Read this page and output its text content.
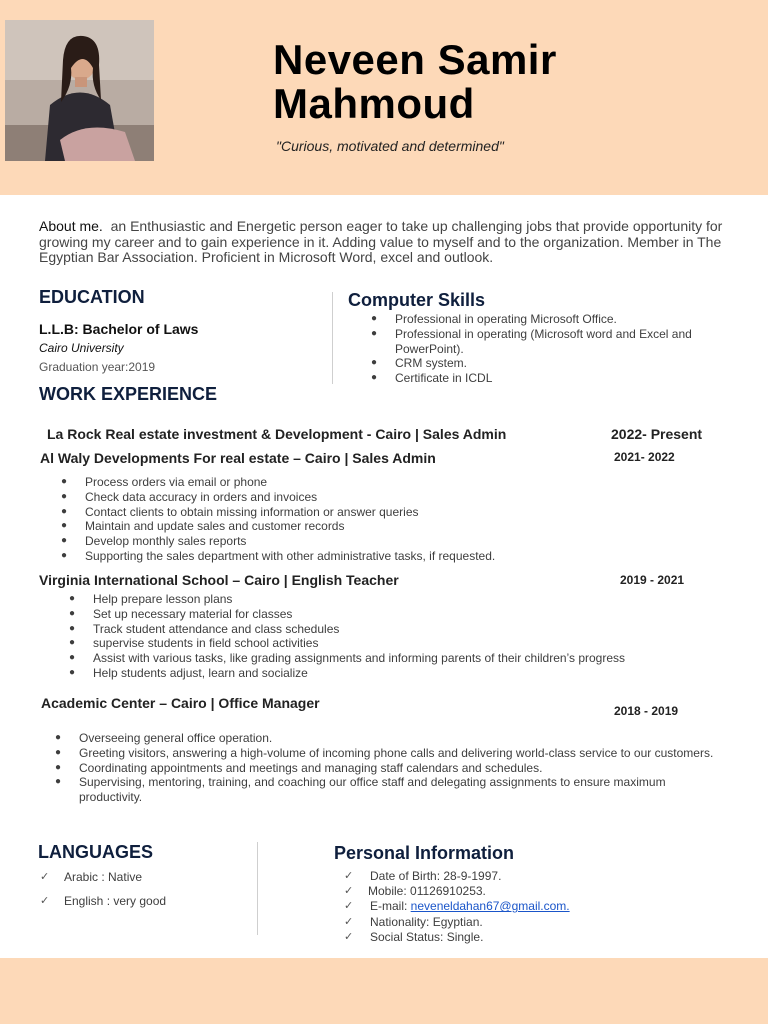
Neveen Samir Mahmoud
"Curious, motivated and determined"
About me. an Enthusiastic and Energetic person eager to take up challenging jobs that provide opportunity for growing my career and to gain experience in it. Adding value to myself and to the organization. Member in The Egyptian Bar Association. Proficient in Microsoft Word, excel and outlook.
EDUCATION
L.L.B: Bachelor of Laws
Cairo University
Graduation year:2019
Computer Skills
● Professional in operating Microsoft Office.
● Professional in operating (Microsoft word and Excel and PowerPoint).
● CRM system.
● Certificate in ICDL
WORK EXPERIENCE
La Rock Real estate investment & Development - Cairo | Sales Admin	2022- Present
Al Waly Developments For real estate – Cairo | Sales Admin	2021- 2022
● Process orders via email or phone
● Check data accuracy in orders and invoices
● Contact clients to obtain missing information or answer queries
● Maintain and update sales and customer records
● Develop monthly sales reports
● Supporting the sales department with other administrative tasks, if requested.
Virginia International School – Cairo | English Teacher	2019 - 2021
● Help prepare lesson plans
● Set up necessary material for classes
● Track student attendance and class schedules
● supervise students in field school activities
● Assist with various tasks, like grading assignments and informing parents of their children’s progress
● Help students adjust, learn and socialize
Academic Center – Cairo | Office Manager	2018 - 2019
● Overseeing general office operation.
● Greeting visitors, answering a high-volume of incoming phone calls and delivering world-class service to our customers.
● Coordinating appointments and meetings and managing staff calendars and schedules.
● Supervising, mentoring, training, and coaching our office staff and delegating assignments to ensure maximum productivity.
LANGUAGES
✓ Arabic : Native
✓ English : very good
Personal Information
✓ Date of Birth: 28-9-1997.
✓ Mobile: 01126910253.
✓ E-mail: neveneldahan67@gmail.com.
✓ Nationality: Egyptian.
✓ Social Status: Single.
